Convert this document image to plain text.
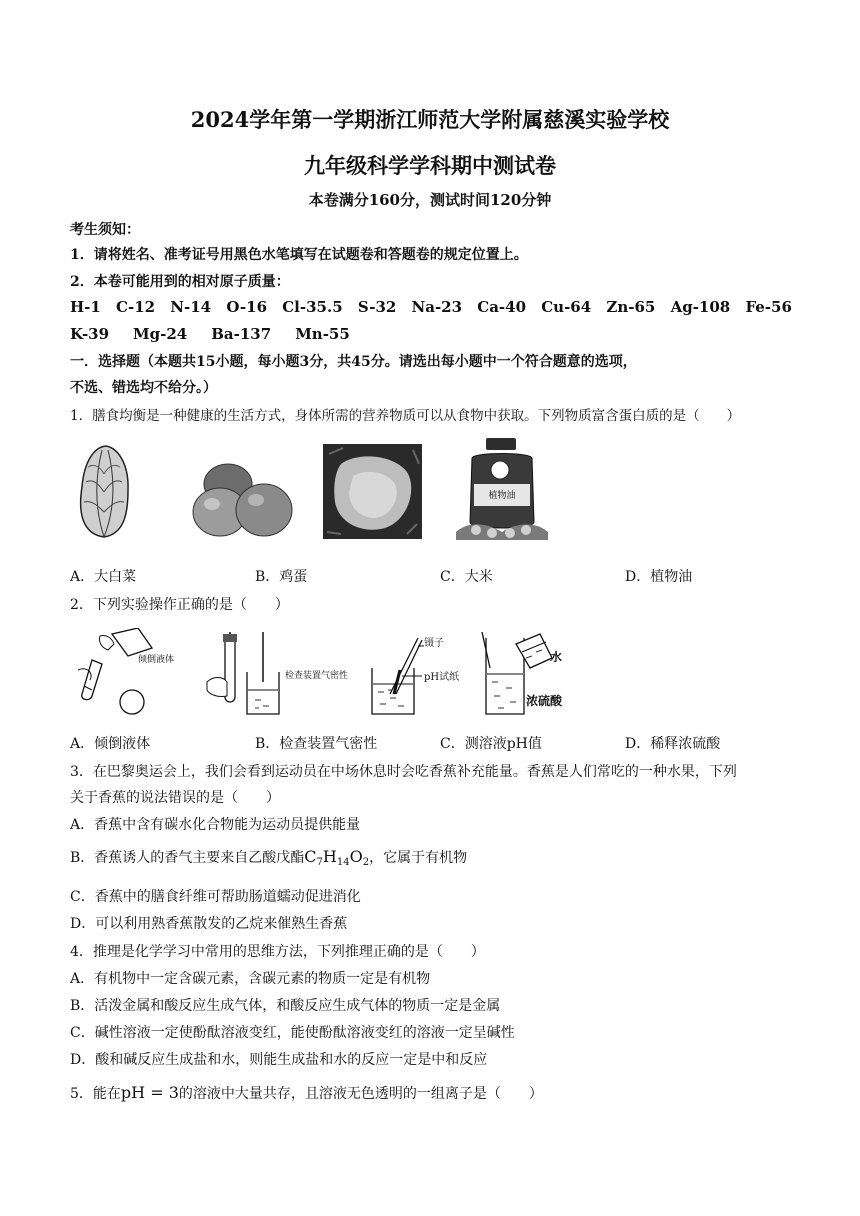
2024学年第一学期浙江师范大学附属慈溪实验学校
九年级科学学科期中测试卷
本卷满分160分，测试时间120分钟
考生须知：
1．请将姓名、准考证号用黑色水笔填写在试题卷和答题卷的规定位置上。
2．本卷可能用到的相对原子质量：
H-1 C-12 N-14 O-16 Cl-35.5 S-32 Na-23 Ca-40 Cu-64 Zn-65 Ag-108 Fe-56
K-39 Mg-24 Ba-137 Mn-55
一．选择题（本题共15小题，每小题3分，共45分。请选出每小题中一个符合题意的选项，
不选、错选均不给分。）
1．膳食均衡是一种健康的生活方式，身体所需的营养物质可以从食物中获取。下列物质富含蛋白质的是（　　）
植物油
A．大白菜	B．鸡蛋	C．大米	D．植物油
2．下列实验操作正确的是（　　）
倾倒液体
检查装置气密性
镊子
pH试纸
水
浓硫酸
A．倾倒液体	B．检查装置气密性	C．测溶液pH值	D．稀释浓硫酸
3．在巴黎奥运会上，我们会看到运动员在中场休息时会吃香蕉补充能量。香蕉是人们常吃的一种水果，下列
关于香蕉的说法错误的是（　　）
A．香蕉中含有碳水化合物能为运动员提供能量
B．香蕉诱人的香气主要来自乙酸戊酯$C_7H_{14}O_2$，它属于有机物
C．香蕉中的膳食纤维可帮助肠道蠕动促进消化
D．可以利用熟香蕉散发的乙烷来催熟生香蕉
4．推理是化学学习中常用的思维方法，下列推理正确的是（　　）
A．有机物中一定含碳元素，含碳元素的物质一定是有机物
B．活泼金属和酸反应生成气体，和酸反应生成气体的物质一定是金属
C．碱性溶液一定使酚酞溶液变红，能使酚酞溶液变红的溶液一定呈碱性
D．酸和碱反应生成盐和水，则能生成盐和水的反应一定是中和反应
5．能在pH = 3的溶液中大量共存，且溶液无色透明的一组离子是（　　）
